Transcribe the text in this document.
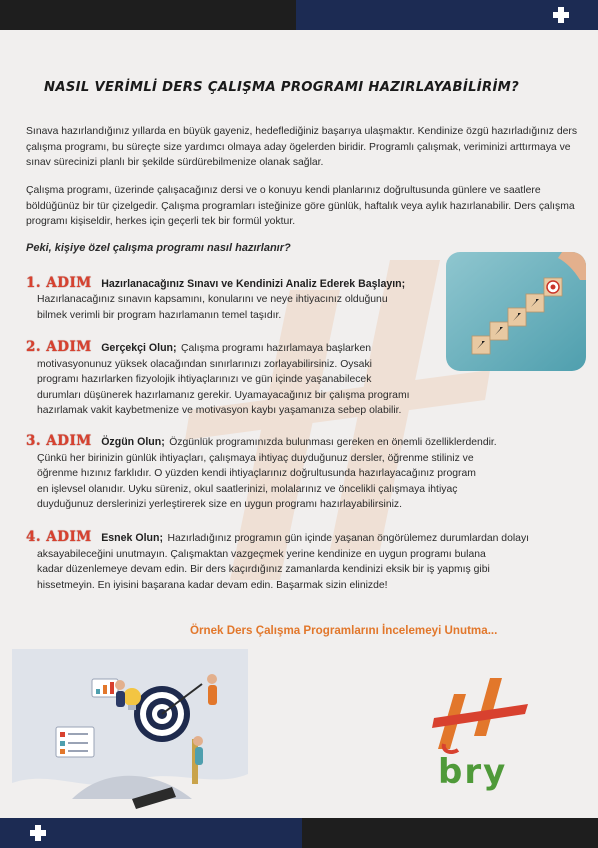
NASIL VERİMLİ DERS ÇALIŞMA PROGRAMI HAZIRLAYABİLİRİM?
Sınava hazırlandığınız yıllarda en büyük gayeniz, hedeflediğiniz başarıya ulaşmaktır. Kendinize özgü hazırladığınız ders çalışma programı, bu süreçte size yardımcı olmaya aday ögelerden biridir. Programlı çalışmak, veriminizi arttırmaya ve sınav sürecinizi planlı bir şekilde sürdürebilmenize olanak sağlar.
Çalışma programı, üzerinde çalışacağınız dersi ve o konuyu kendi planlarınız doğrultusunda günlere ve saatlere böldüğünüz bir tür çizelgedir. Çalışma programları isteğinize göre günlük, haftalık veya aylık hazırlanabilir. Ders çalışma programı kişiseldir, herkes için geçerli tek bir formül yoktur.
Peki, kişiye özel çalışma programı nasıl hazırlanır?
1. ADIM Hazırlanacağınız Sınavı ve Kendinizi Analiz Ederek Başlayın;
Hazırlanacağınız sınavın kapsamını, konularını ve neye ihtiyacınız olduğunu
bilmek verimli bir program hazırlamanın temel taşıdır.
2. ADIM Gerçekçi Olun; Çalışma programı hazırlamaya başlarken
motivasyonunuz yüksek olacağından sınırlarınızı zorlayabilirsiniz. Oysaki
programı hazırlarken fizyolojik ihtiyaçlarınızı ve gün içinde yaşanabilecek
durumları düşünerek hazırlamanız gerekir. Uyamayacağınız bir çalışma programı
hazırlamak vakit kaybetmenize ve motivasyon kaybı yaşamanıza sebep olabilir.
3. ADIM Özgün Olun; Özgünlük programınızda bulunması gereken en önemli özelliklerdendir.
Çünkü her birinizin günlük ihtiyaçları, çalışmaya ihtiyaç duyduğunuz dersler, öğrenme stiliniz ve
öğrenme hızınız farklıdır. O yüzden kendi ihtiyaçlarınız doğrultusunda hazırlayacağınız program
en işlevsel olanıdır. Uyku süreniz, okul saatlerinizi, molalarınız ve öncelikli çalışmaya ihtiyaç
duyduğunuz derslerinizi yerleştirerek size en uygun programı hazırlayabilirsiniz.
4. ADIM Esnek Olun; Hazırladığınız programın gün içinde yaşanan öngörülemez durumlardan dolayı
aksayabileceğini unutmayın. Çalışmaktan vazgeçmek yerine kendinize en uygun programı bulana
kadar düzenlemeye devam edin. Bir ders kaçırdığınız zamanlarda kendinizi eksik bir iş yapmış gibi
hissetmeyin. En iyisini başarana kadar devam edin. Başarmak sizin elinizde!
Örnek Ders Çalışma Programlarını İncelemeyi Unutma...
bry
